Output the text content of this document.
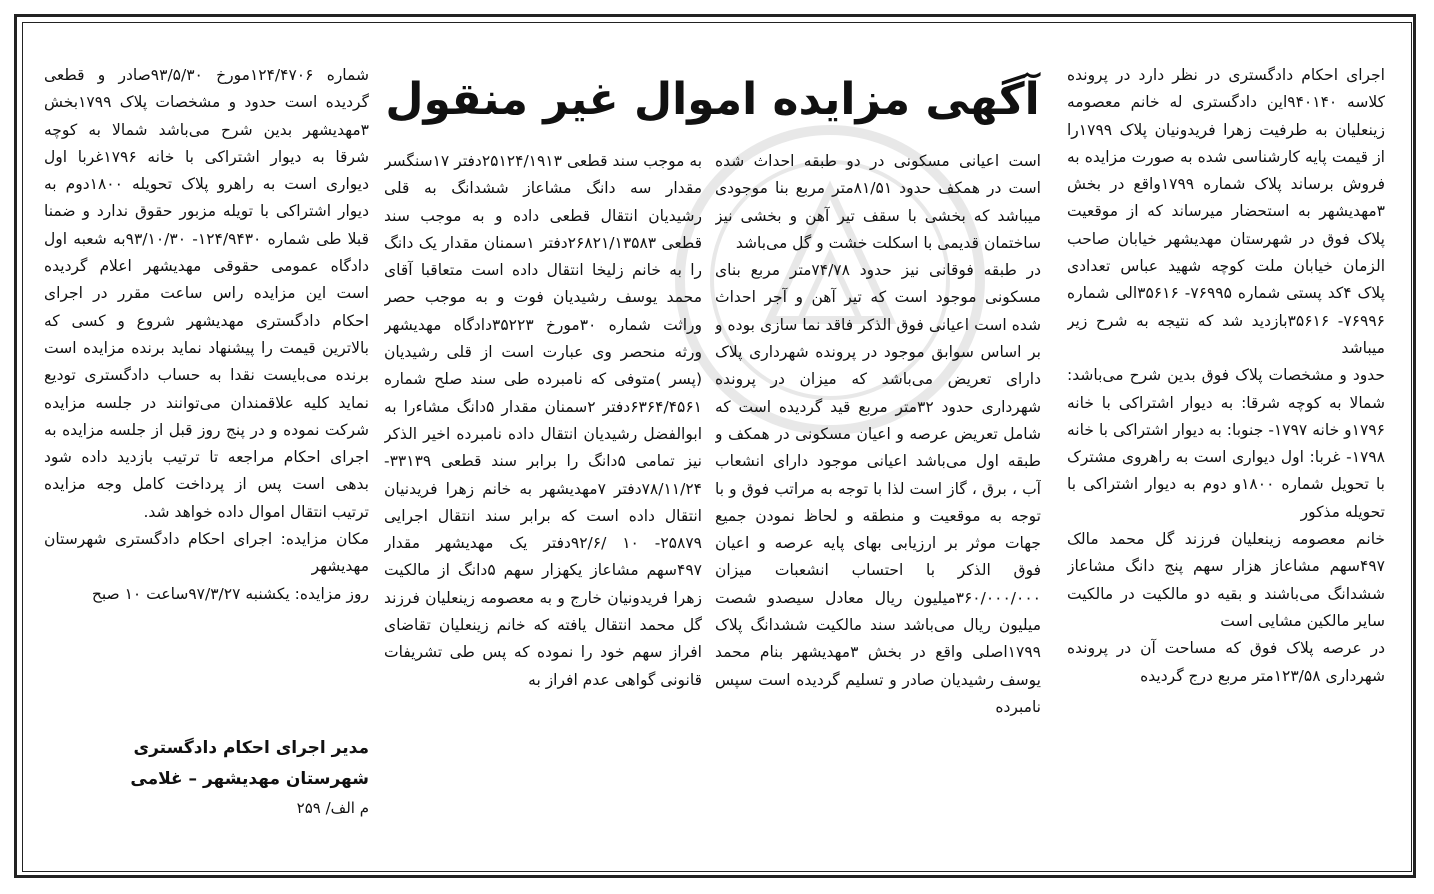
آگهی مزایده اموال غیر منقول اجرای احکام دادگستری در نظر دارد در پرونده کلاسه ۹۴۰۱۴۰این دادگستری له خانم معصومه زینعلیان به طرفیت زهرا فریدونیان پلاک ۱۷۹۹را از قیمت پایه کارشناسی شده به صورت مزایده به فروش برساند پلاک شماره ۱۷۹۹واقع در بخش ۳مهدیشهر به استحضار میرساند که از موقعیت پلاک فوق در شهرستان مهدیشهر خیابان صاحب الزمان خیابان ملت کوچه شهید عباس تعدادی پلاک ۴کد پستی شماره ۷۶۹۹۵- ۳۵۶۱۶الی شماره ۷۶۹۹۶- ۳۵۶۱۶بازدید شد که نتیجه به شرح زیر میباشد

حدود و مشخصات پلاک فوق بدین شرح می‌باشد: شمالا به کوچه شرقا: به دیوار اشتراکی با خانه ۱۷۹۶و خانه ۱۷۹۷- جنوبا: به دیوار اشتراکی با خانه ۱۷۹۸- غربا: اول دیواری است به راهروی مشترک با تحویل شماره ۱۸۰۰و دوم به دیوار اشتراکی با تحویله مذکور

خانم معصومه زینعلیان فرزند گل محمد مالک ۴۹۷سهم مشاعاز هزار سهم پنج دانگ مشاعاز ششدانگ می‌باشند و بقیه دو مالکیت در مالکیت سایر مالکین مشایی است

در عرصه پلاک فوق که مساحت آن در پرونده شهرداری ۱۲۳/۵۸متر مربع درج گردیده

است اعیانی مسکونی در دو طبقه احداث شده است در همکف حدود ۸۱/۵۱متر مربع بنا موجودی میباشد که بخشی با سقف تیر آهن و بخشی نیز ساختمان قدیمی با اسکلت خشت و گل می‌باشد

در طبقه فوقانی نیز حدود ۷۴/۷۸متر مربع بنای مسکونی موجود است که تیر آهن و آجر احداث شده است اعیانی فوق الذکر فاقد نما سازی بوده و بر اساس سوابق موجود در پرونده شهرداری پلاک دارای تعریض می‌باشد که میزان در پرونده شهرداری حدود ۳۲متر مربع قید گردیده است که شامل تعریض عرصه و اعیان مسکونی در همکف و طبقه اول می‌باشد اعیانی موجود دارای انشعاب آب ، برق ، گاز است لذا با توجه به مراتب فوق و با توجه به موقعیت و منطقه و لحاظ نمودن جمیع جهات موثر بر ارزیابی بهای پایه عرصه و اعیان فوق الذکر با احتساب انشعبات میزان ۳۶۰/۰۰۰/۰۰۰میلیون ریال معادل سیصدو شصت میلیون ریال می‌باشد سند مالکیت ششدانگ پلاک ۱۷۹۹اصلی واقع در بخش ۳مهدیشهر بنام محمد یوسف رشیدیان صادر و تسلیم گردیده است سپس نامبرده

به موجب سند قطعی ۲۵۱۲۴/۱۹۱۳دفتر ۱۷سنگسر مقدار سه دانگ مشاعاز ششدانگ به قلی رشیدیان انتقال قطعی داده و به موجب سند قطعی ۲۶۸۲۱/۱۳۵۸۳دفتر ۱سمنان مقدار یک دانگ را به خانم زلیخا انتقال داده است متعاقبا آقای محمد یوسف رشیدیان فوت و به موجب حصر وراثت شماره ۳۰مورخ ۳۵۲۲۳دادگاه مهدیشهر ورثه منحصر وی عبارت است از قلی رشیدیان (پسر )متوفی که نامبرده طی سند صلح شماره ۶۳۶۴/۴۵۶۱دفتر ۲سمنان مقدار ۵دانگ مشاءرا به ابوالفضل رشیدیان انتقال داده نامبرده اخیر الذکر نیز تمامی ۵دانگ را برابر سند قطعی ۳۳۱۳۹- ۷۸/۱۱/۲۴دفتر ۷مهدیشهر به خانم زهرا فریدنیان انتقال داده است که برابر سند انتقال اجرایی ۲۵۸۷۹- ۱۰ /۹۲/۶دفتر یک مهدیشهر مقدار ۴۹۷سهم مشاعاز یکهزار سهم ۵دانگ از مالکیت زهرا فریدونیان خارج و به معصومه زینعلیان فرزند گل محمد انتقال یافته که خانم زینعلیان تقاضای افراز سهم خود را نموده که پس طی تشریفات قانونی گواهی عدم افراز به

شماره ۱۲۴/۴۷۰۶مورخ ۹۳/۵/۳۰صادر و قطعی گردیده است حدود و مشخصات پلاک ۱۷۹۹بخش ۳مهدیشهر بدین شرح می‌باشد شمالا به کوچه شرقا به دیوار اشتراکی با خانه ۱۷۹۶غربا اول دیواری است به راهرو پلاک تحویله ۱۸۰۰دوم به دیوار اشتراکی با تویله مزبور حقوق ندارد و ضمنا قبلا طی شماره ۱۲۴/۹۴۳۰- ۹۳/۱۰/۳۰به شعبه اول دادگاه عمومی حقوقی مهدیشهر اعلام گردیده است این مزایده راس ساعت مقرر در اجرای احکام دادگستری مهدیشهر شروع و کسی که بالاترین قیمت را پیشنهاد نماید برنده مزایده است برنده می‌بایست نقدا به حساب دادگستری تودیع نماید کلیه علاقمندان می‌توانند در جلسه مزایده شرکت نموده و در پنج روز قبل از جلسه مزایده به اجرای احکام مراجعه تا ترتیب بازدید داده شود بدهی است پس از پرداخت کامل وجه مزایده ترتیب انتقال اموال داده خواهد شد.

مکان مزایده: اجرای احکام دادگستری شهرستان مهدیشهر

روز مزایده: یکشنبه ۹۷/۳/۲۷ساعت ۱۰ صبح

مدیر اجرای احکام دادگستری
شهرستان مهدیشهر – غلامی
م الف/ ۲۵۹
